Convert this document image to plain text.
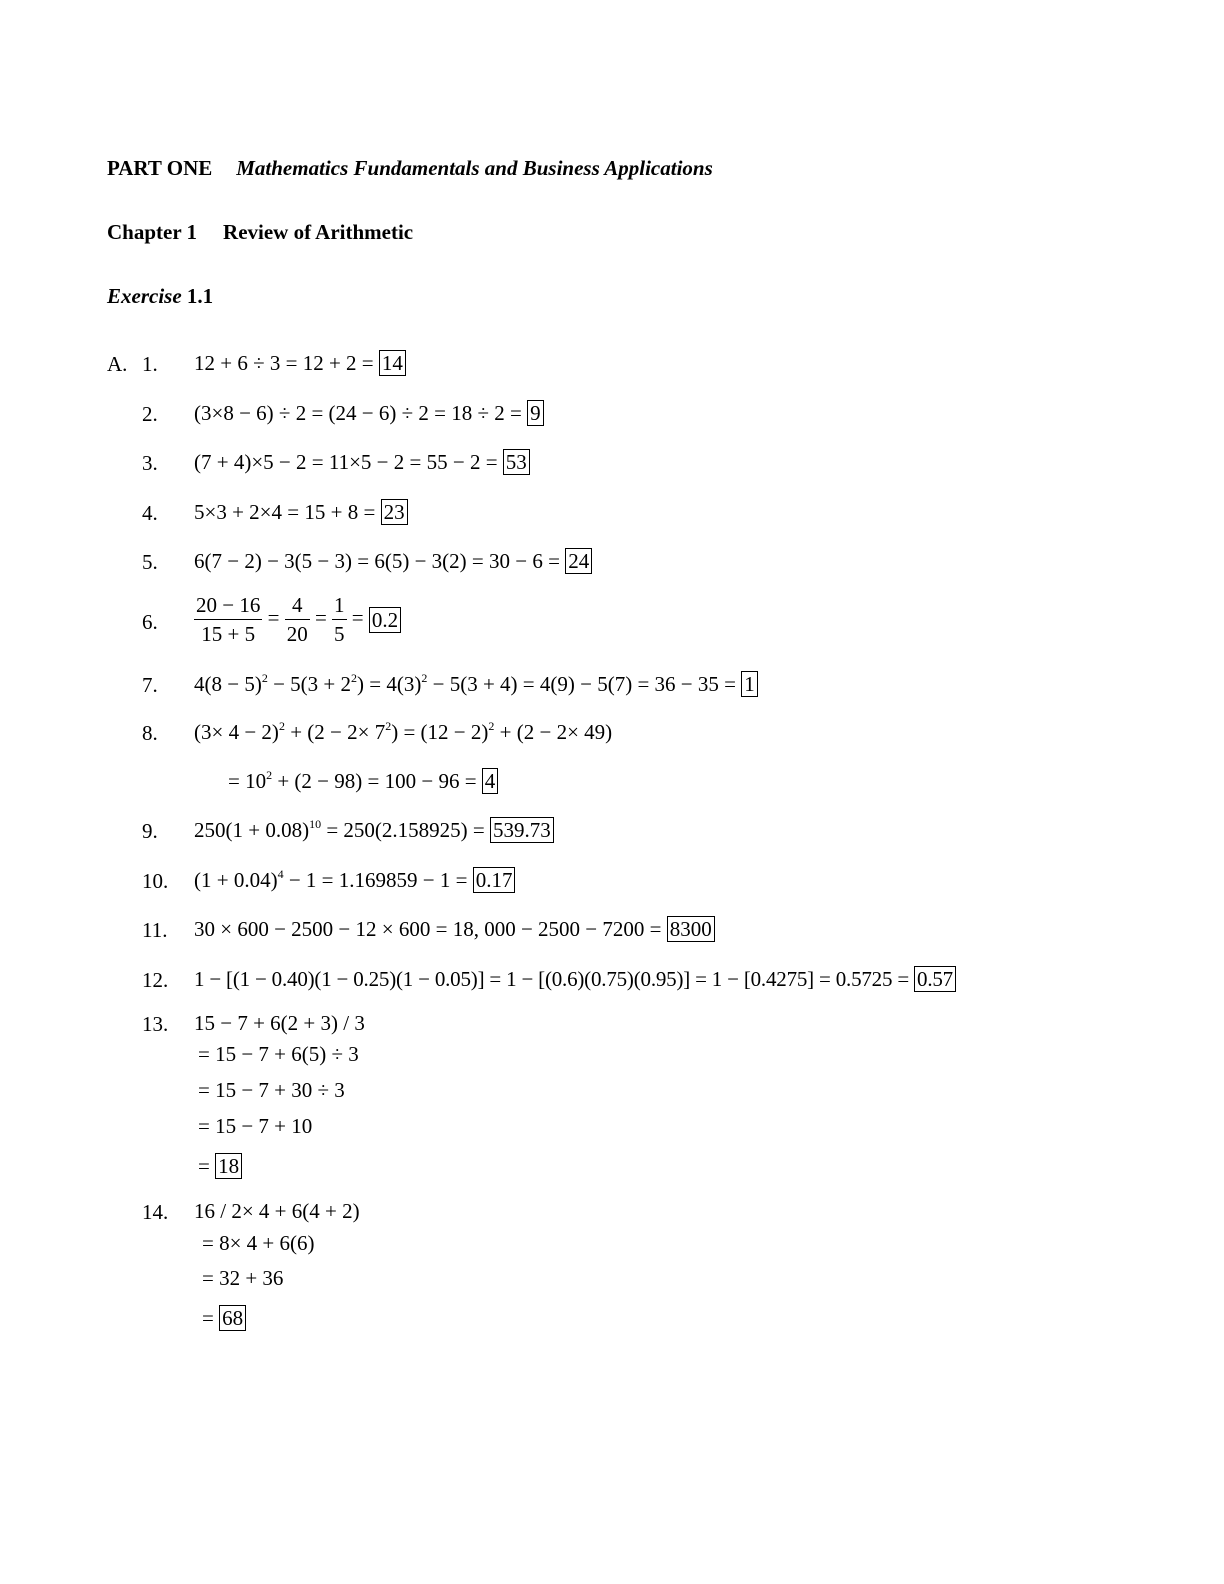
PART ONE Mathematics Fundamentals and Business Applications
Chapter 1 Review of Arithmetic
Exercise 1.1
A. 1. 12 + 6 ÷ 3 = 12 + 2 = 14
2. (3×8 − 6) ÷ 2 = (24 − 6) ÷ 2 = 18 ÷ 2 = 9
3. (7 + 4)×5 − 2 = 11×5 − 2 = 55 − 2 = 53
4. 5×3 + 2×4 = 15 + 8 = 23
5. 6(7 − 2) − 3(5 − 3) = 6(5) − 3(2) = 30 − 6 = 24
6. $\frac{20 - 16}{15 + 5} = \frac{4}{20} = \frac{1}{5} = 0.2$
7. $4(8 - 5)^2 - 5(3 + 2^2) = 4(3)^2 - 5(3 + 4) = 4(9) - 5(7) = 36 - 35 = 1$
8. $(3\times 4 - 2)^2 + (2 - 2\times 7^2) = (12 - 2)^2 + (2 - 2\times 49)$
= $10^2 + (2 - 98) = 100 - 96 = 4$
9. $250(1 + 0.08)^{10} = 250(2.158925) = 539.73$
10. $(1 + 0.04)^4 - 1 = 1.169859 - 1 = 0.17$
11. 30 × 600 − 2500 − 12 × 600 = 18, 000 − 2500 − 7200 = 8300
12. 1 − [(1 − 0.40)(1 − 0.25)(1 − 0.05)] = 1 − [(0.6)(0.75)(0.95)] = 1 − [0.4275] = 0.5725 = 0.57
13. 15 − 7 + 6(2 + 3) / 3
= 15 − 7 + 6(5) ÷ 3
= 15 − 7 + 30 ÷ 3
= 15 − 7 + 10
= 18
14. 16 / 2× 4 + 6(4 + 2)
= 8× 4 + 6(6)
= 32 + 36
= 68
